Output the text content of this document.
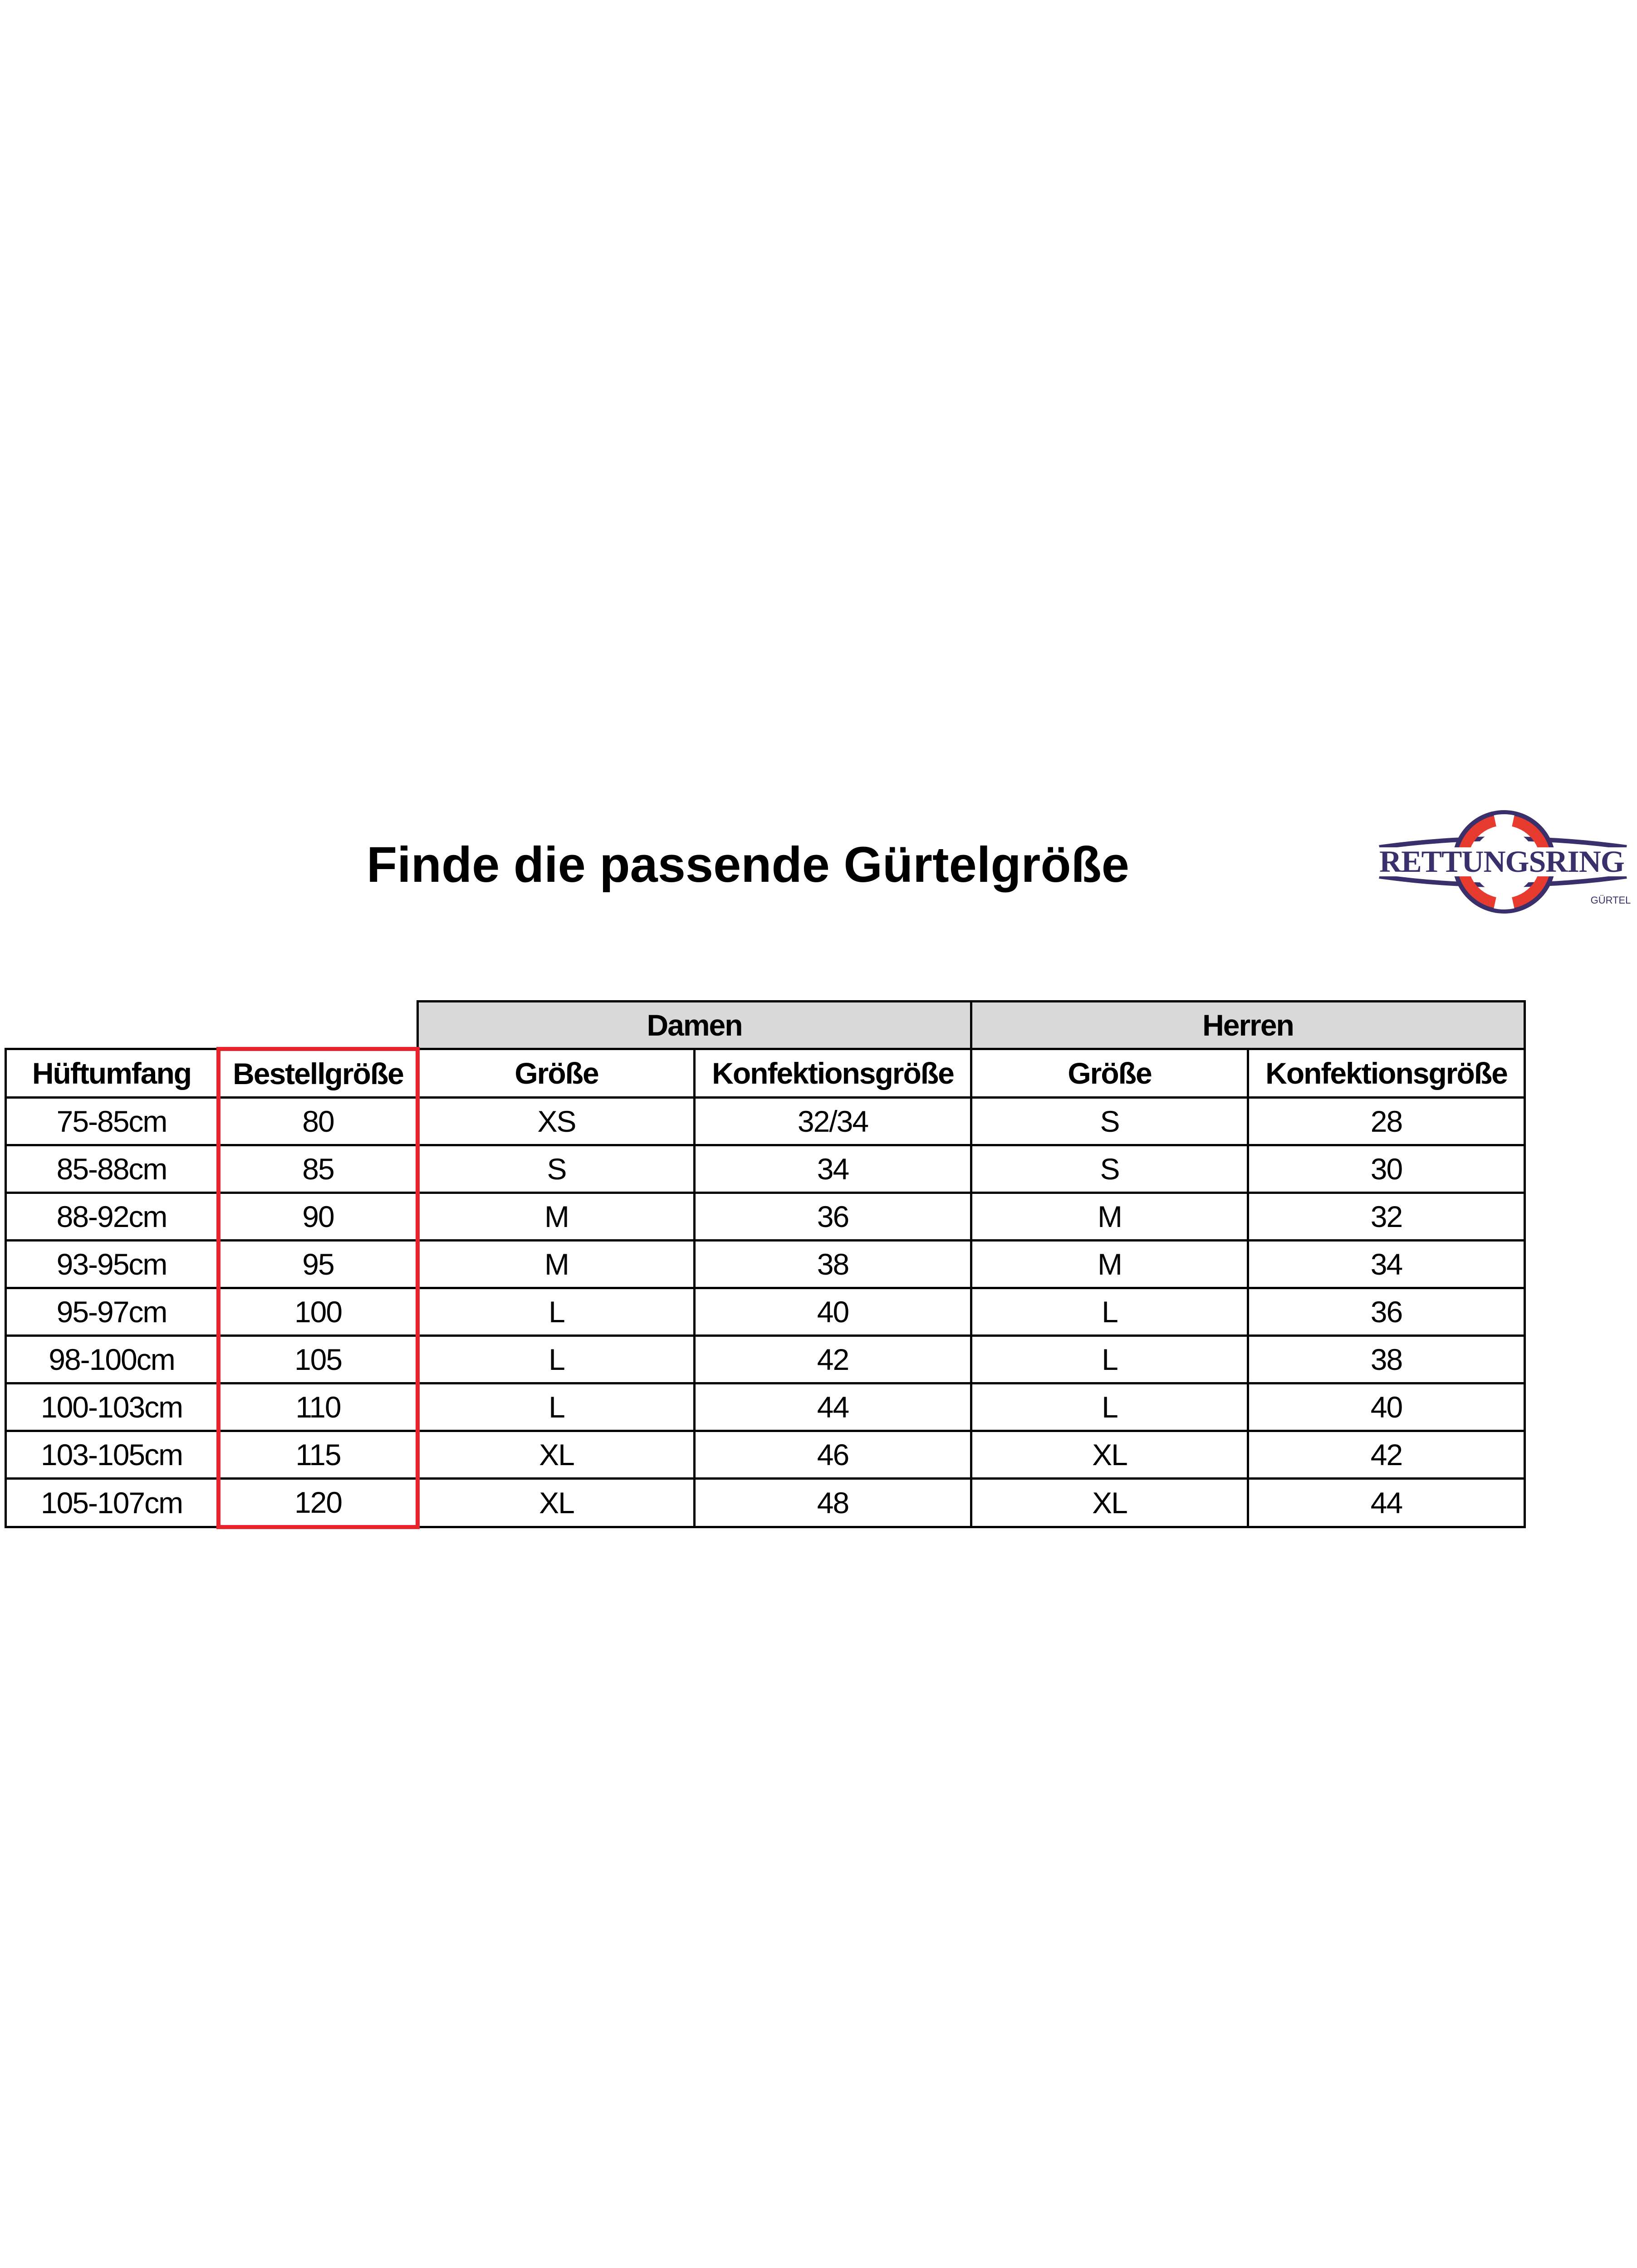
Finde die passende Gürtelgröße	RETTUNGSRING
GÜRTEL
		Damen		Herren	
Hüftumfang	Bestellgröße	Größe	Konfektionsgröße	Größe	Konfektionsgröße
75-85cm	80	XS	32/34	S	28
85-88cm	85	S	34	S	30
88-92cm	90	M	36	M	32
93-95cm	95	M	38	M	34
95-97cm	100	L	40	L	36
98-100cm	105	L	42	L	38
100-103cm	110	L	44	L	40
103-105cm	115	XL	46	XL	42
105-107cm	120	XL	48	XL	44
